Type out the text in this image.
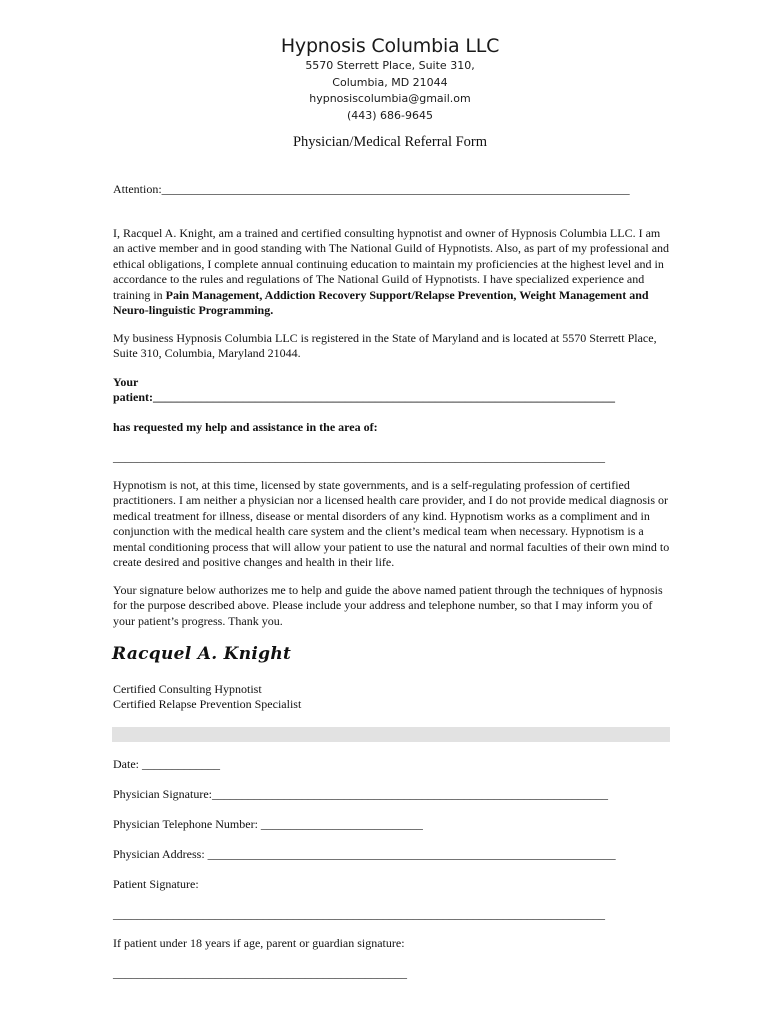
Hypnosis Columbia LLC
5570 Sterrett Place, Suite 310,
Columbia, MD 21044
hypnosiscolumbia@gmail.om
(443) 686-9645
Physician/Medical Referral Form
Attention:______________________________________________________________________________

I, Racquel A. Knight, am a trained and certified consulting hypnotist and owner of Hypnosis Columbia LLC. I am an active member and in good standing with The National Guild of Hypnotists. Also, as part of my professional and ethical obligations, I complete annual continuing education to maintain my proficiencies at the highest level and in accordance to the rules and regulations of The National Guild of Hypnotists. I have specialized experience and training in Pain Management, Addiction Recovery Support/Relapse Prevention, Weight Management and Neuro-linguistic Programming.

My business Hypnosis Columbia LLC is registered in the State of Maryland and is located at 5570 Sterrett Place, Suite 310, Columbia, Maryland 21044.

Your
patient:_____________________________________________________________________________
has requested my help and assistance in the area of:
__________________________________________________________________________________

Hypnotism is not, at this time, licensed by state governments, and is a self-regulating profession of certified practitioners. I am neither a physician nor a licensed health care provider, and I do not provide medical diagnosis or medical treatment for illness, disease or mental disorders of any kind. Hypnotism works as a compliment and in conjunction with the medical health care system and the client’s medical team when necessary. Hypnotism is a mental conditioning process that will allow your patient to use the natural and normal faculties of their own mind to create desired and positive changes and health in their life.

Your signature below authorizes me to help and guide the above named patient through the techniques of hypnosis for the purpose described above. Please include your address and telephone number, so that I may inform you of your patient’s progress. Thank you.

Racquel A. Knight
Certified Consulting Hypnotist
Certified Relapse Prevention Specialist
Date: _____________
Physician Signature:__________________________________________________________________
Physician Telephone Number: ___________________________
Physician Address: ____________________________________________________________________
Patient Signature:
__________________________________________________________________________________
If patient under 18 years if age, parent or guardian signature:
_________________________________________________
